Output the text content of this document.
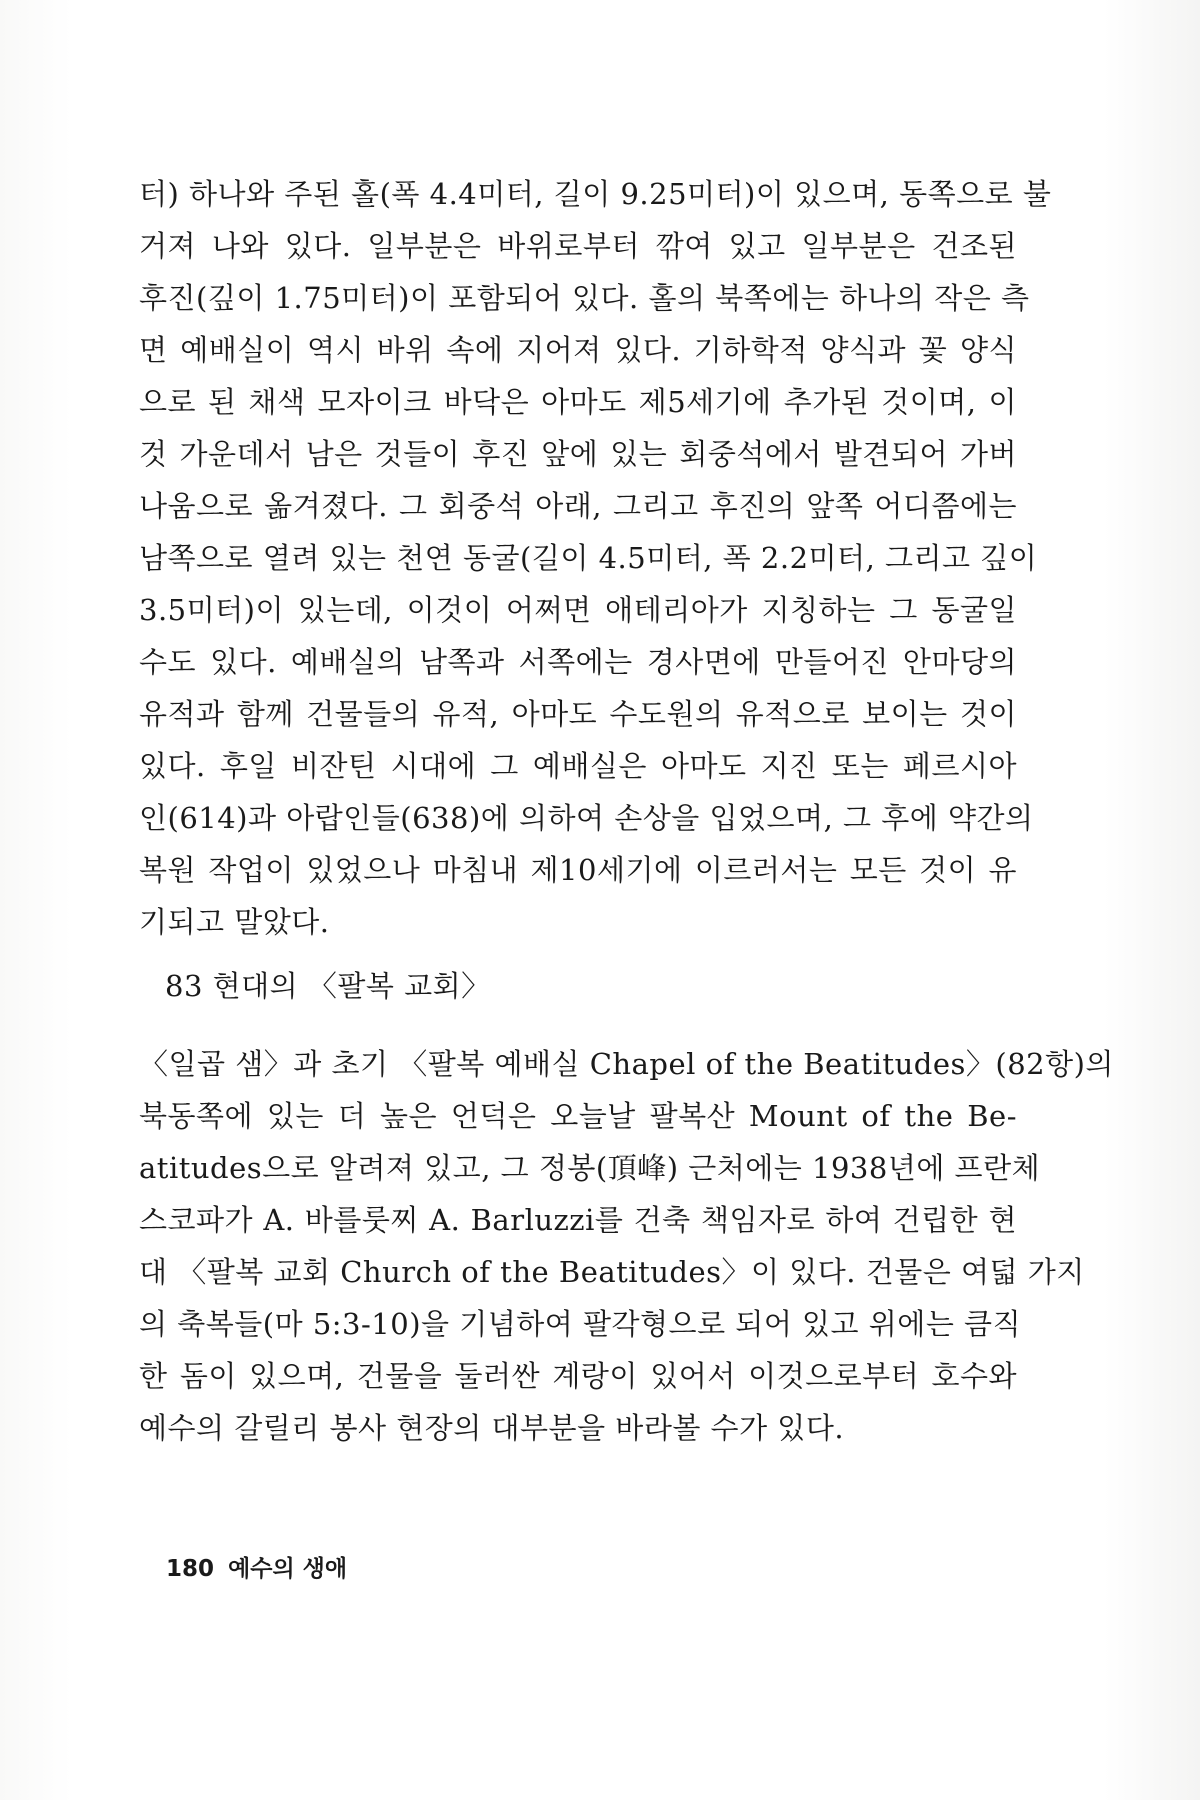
터) 하나와 주된 홀(폭 4.4미터, 길이 9.25미터)이 있으며, 동쪽으로 불
거져 나와 있다. 일부분은 바위로부터 깎여 있고 일부분은 건조된
후진(깊이 1.75미터)이 포함되어 있다. 홀의 북쪽에는 하나의 작은 측
면 예배실이 역시 바위 속에 지어져 있다. 기하학적 양식과 꽃 양식
으로 된 채색 모자이크 바닥은 아마도 제5세기에 추가된 것이며, 이
것 가운데서 남은 것들이 후진 앞에 있는 회중석에서 발견되어 가버
나움으로 옮겨졌다. 그 회중석 아래, 그리고 후진의 앞쪽 어디쯤에는
남쪽으로 열려 있는 천연 동굴(길이 4.5미터, 폭 2.2미터, 그리고 깊이
3.5미터)이 있는데, 이것이 어쩌면 애테리아가 지칭하는 그 동굴일
수도 있다. 예배실의 남쪽과 서쪽에는 경사면에 만들어진 안마당의
유적과 함께 건물들의 유적, 아마도 수도원의 유적으로 보이는 것이
있다. 후일 비잔틴 시대에 그 예배실은 아마도 지진 또는 페르시아
인(614)과 아랍인들(638)에 의하여 손상을 입었으며, 그 후에 약간의
복원 작업이 있었으나 마침내 제10세기에 이르러서는 모든 것이 유
기되고 말았다.
83 현대의 〈팔복 교회〉
〈일곱 샘〉과 초기 〈팔복 예배실 Chapel of the Beatitudes〉(82항)의
북동쪽에 있는 더 높은 언덕은 오늘날 팔복산 Mount of the Be-
atitudes으로 알려져 있고, 그 정봉(頂峰) 근처에는 1938년에 프란체
스코파가 A. 바를룻찌 A. Barluzzi를 건축 책임자로 하여 건립한 현
대 〈팔복 교회 Church of the Beatitudes〉이 있다. 건물은 여덟 가지
의 축복들(마 5:3-10)을 기념하여 팔각형으로 되어 있고 위에는 큼직
한 돔이 있으며, 건물을 둘러싼 계랑이 있어서 이것으로부터 호수와
예수의 갈릴리 봉사 현장의 대부분을 바라볼 수가 있다.
180 예수의 생애
